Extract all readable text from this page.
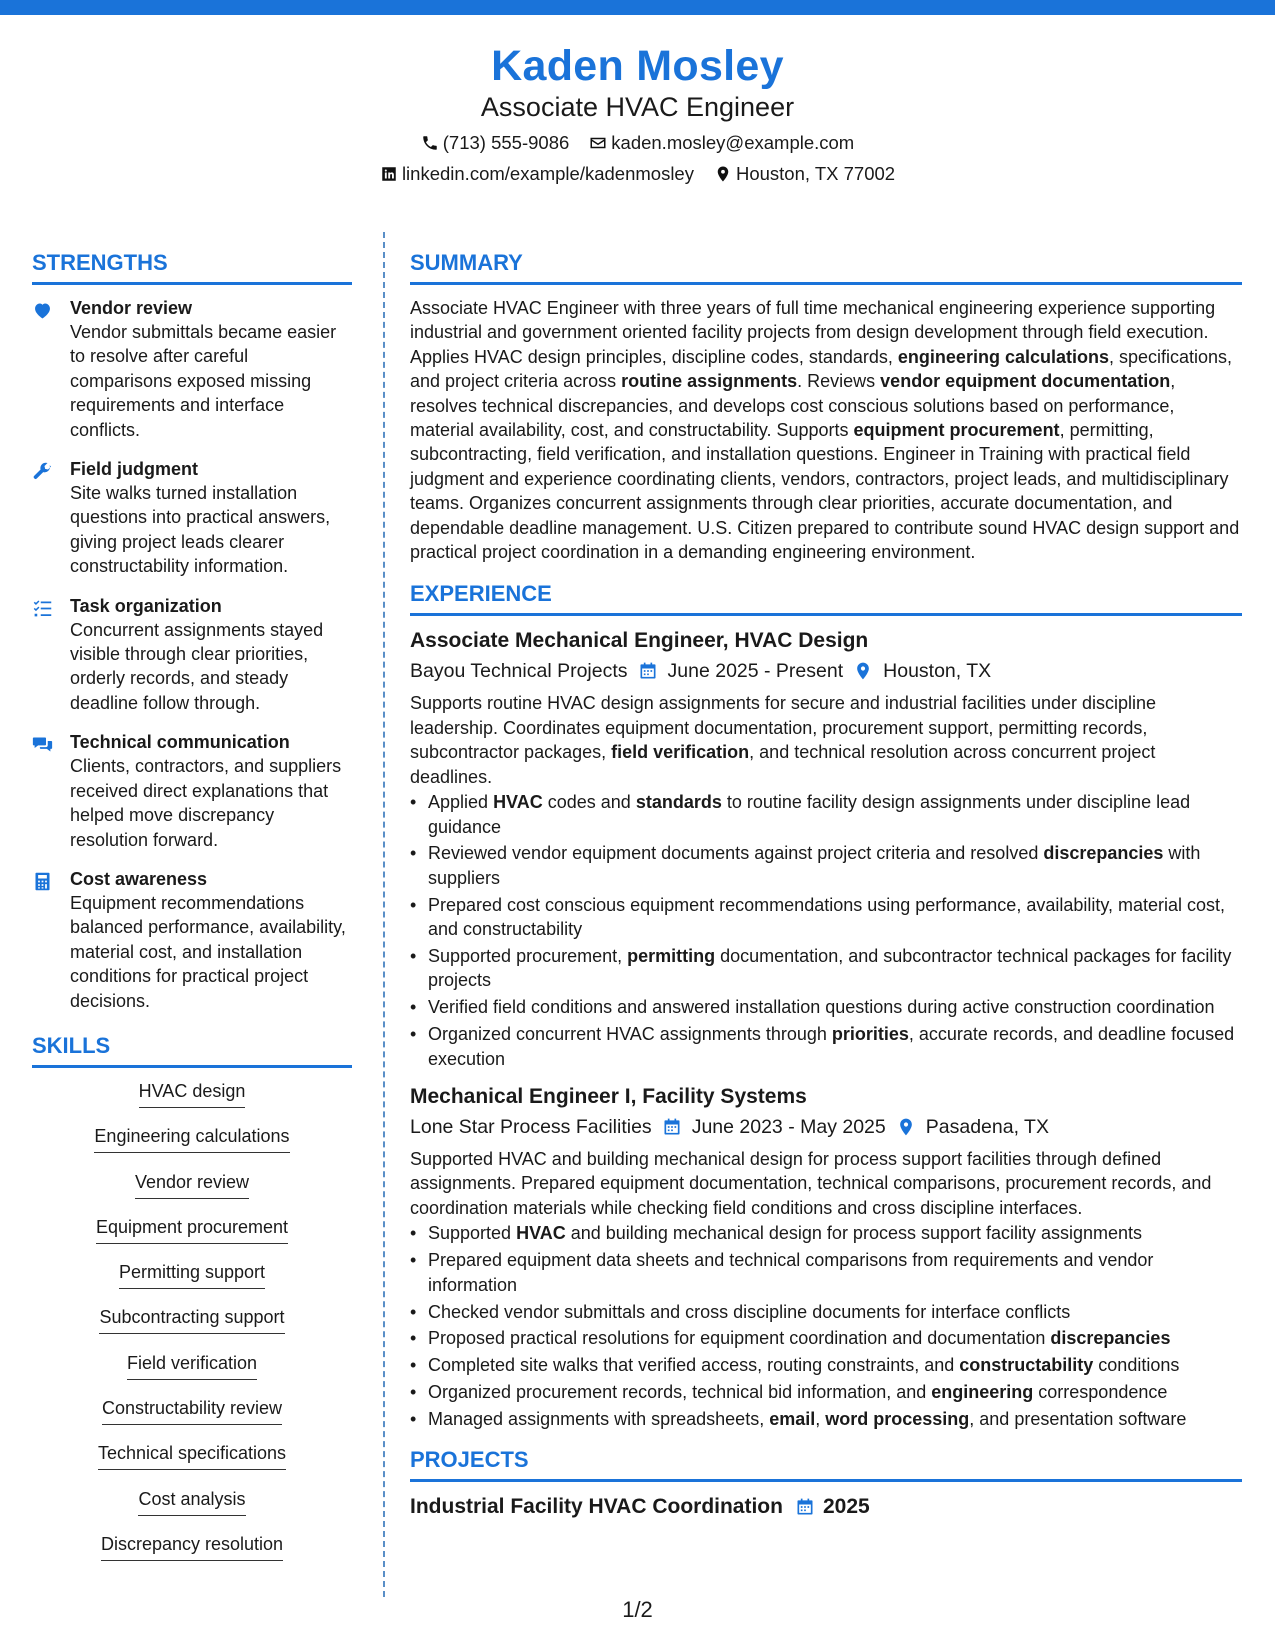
Kaden Mosley
Associate HVAC Engineer
(713) 555-9086 kaden.mosley@example.com
linkedin.com/example/kadenmosley Houston, TX 77002
STRENGTHS
Vendor review
Vendor submittals became easier to resolve after careful comparisons exposed missing requirements and interface conflicts.
Field judgment
Site walks turned installation questions into practical answers, giving project leads clearer constructability information.
Task organization
Concurrent assignments stayed visible through clear priorities, orderly records, and steady deadline follow through.
Technical communication
Clients, contractors, and suppliers received direct explanations that helped move discrepancy resolution forward.
Cost awareness
Equipment recommendations balanced performance, availability, material cost, and installation conditions for practical project decisions.
SKILLS
HVAC design
Engineering calculations
Vendor review
Equipment procurement
Permitting support
Subcontracting support
Field verification
Constructability review
Technical specifications
Cost analysis
Discrepancy resolution
SUMMARY
Associate HVAC Engineer with three years of full time mechanical engineering experience supporting industrial and government oriented facility projects from design development through field execution. Applies HVAC design principles, discipline codes, standards, engineering calculations, specifications, and project criteria across routine assignments. Reviews vendor equipment documentation, resolves technical discrepancies, and develops cost conscious solutions based on performance, material availability, cost, and constructability. Supports equipment procurement, permitting, subcontracting, field verification, and installation questions. Engineer in Training with practical field judgment and experience coordinating clients, vendors, contractors, project leads, and multidisciplinary teams. Organizes concurrent assignments through clear priorities, accurate documentation, and dependable deadline management. U.S. Citizen prepared to contribute sound HVAC design support and practical project coordination in a demanding engineering environment.
EXPERIENCE
Associate Mechanical Engineer, HVAC Design
Bayou Technical Projects June 2025 - Present Houston, TX
Supports routine HVAC design assignments for secure and industrial facilities under discipline leadership. Coordinates equipment documentation, procurement support, permitting records, subcontractor packages, field verification, and technical resolution across concurrent project deadlines.
• Applied HVAC codes and standards to routine facility design assignments under discipline lead guidance
• Reviewed vendor equipment documents against project criteria and resolved discrepancies with suppliers
• Prepared cost conscious equipment recommendations using performance, availability, material cost, and constructability
• Supported procurement, permitting documentation, and subcontractor technical packages for facility projects
• Verified field conditions and answered installation questions during active construction coordination
• Organized concurrent HVAC assignments through priorities, accurate records, and deadline focused execution
Mechanical Engineer I, Facility Systems
Lone Star Process Facilities June 2023 - May 2025 Pasadena, TX
Supported HVAC and building mechanical design for process support facilities through defined assignments. Prepared equipment documentation, technical comparisons, procurement records, and coordination materials while checking field conditions and cross discipline interfaces.
• Supported HVAC and building mechanical design for process support facility assignments
• Prepared equipment data sheets and technical comparisons from requirements and vendor information
• Checked vendor submittals and cross discipline documents for interface conflicts
• Proposed practical resolutions for equipment coordination and documentation discrepancies
• Completed site walks that verified access, routing constraints, and constructability conditions
• Organized procurement records, technical bid information, and engineering correspondence
• Managed assignments with spreadsheets, email, word processing, and presentation software
PROJECTS
Industrial Facility HVAC Coordination 2025
1/2
